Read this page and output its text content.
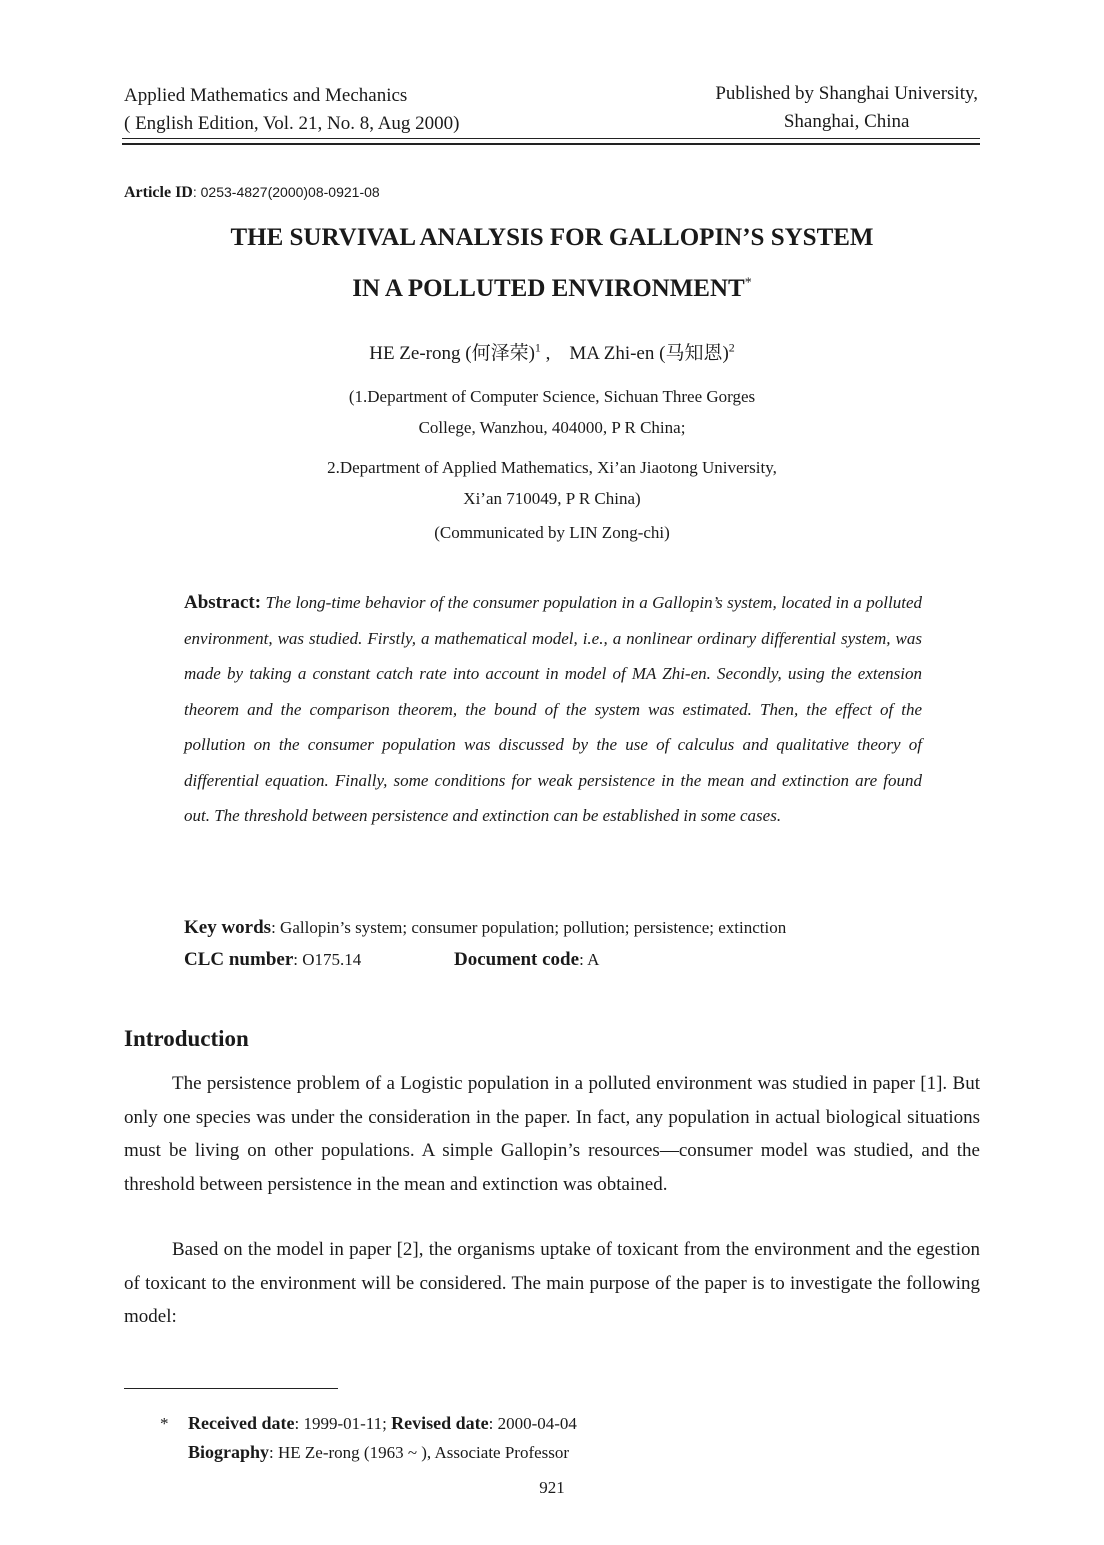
Applied Mathematics and Mechanics
( English Edition, Vol. 21, No. 8, Aug 2000)
Published by Shanghai University,
Shanghai, China
Article ID: 0253-4827(2000)08-0921-08
THE SURVIVAL ANALYSIS FOR GALLOPIN’S SYSTEM
IN A POLLUTED ENVIRONMENT*
HE Ze-rong (何泽荣)$^1$ ,    MA Zhi-en (马知恩)$^2$
(1.Department of Computer Science, Sichuan Three Gorges
College, Wanzhou, 404000, P R China;
2.Department of Applied Mathematics, Xi’an Jiaotong University,
Xi’an 710049, P R China)
(Communicated by LIN Zong-chi)
Abstract: The long-time behavior of the consumer population in a Gallopin’s system, located in a polluted environment, was studied. Firstly, a mathematical model, i.e., a nonlinear ordinary differential system, was made by taking a constant catch rate into account in model of MA Zhi-en. Secondly, using the extension theorem and the comparison theorem, the bound of the system was estimated. Then, the effect of the pollution on the consumer population was discussed by the use of calculus and qualitative theory of differential equation. Finally, some conditions for weak persistence in the mean and extinction are found out. The threshold between persistence and extinction can be established in some cases.
Key words: Gallopin’s system; consumer population; pollution; persistence; extinction
CLC number: O175.14	Document code: A
Introduction
The persistence problem of a Logistic population in a polluted environment was studied in paper [1]. But only one species was under the consideration in the paper. In fact, any population in actual biological situations must be living on other populations. A simple Gallopin’s resources—consumer model was studied, and the threshold between persistence in the mean and extinction was obtained.
Based on the model in paper [2], the organisms uptake of toxicant from the environment and the egestion of toxicant to the environment will be considered. The main purpose of the paper is to investigate the following model:
* Received date: 1999-01-11; Revised date: 2000-04-04
Biography: HE Ze-rong (1963 ~ ), Associate Professor
921
